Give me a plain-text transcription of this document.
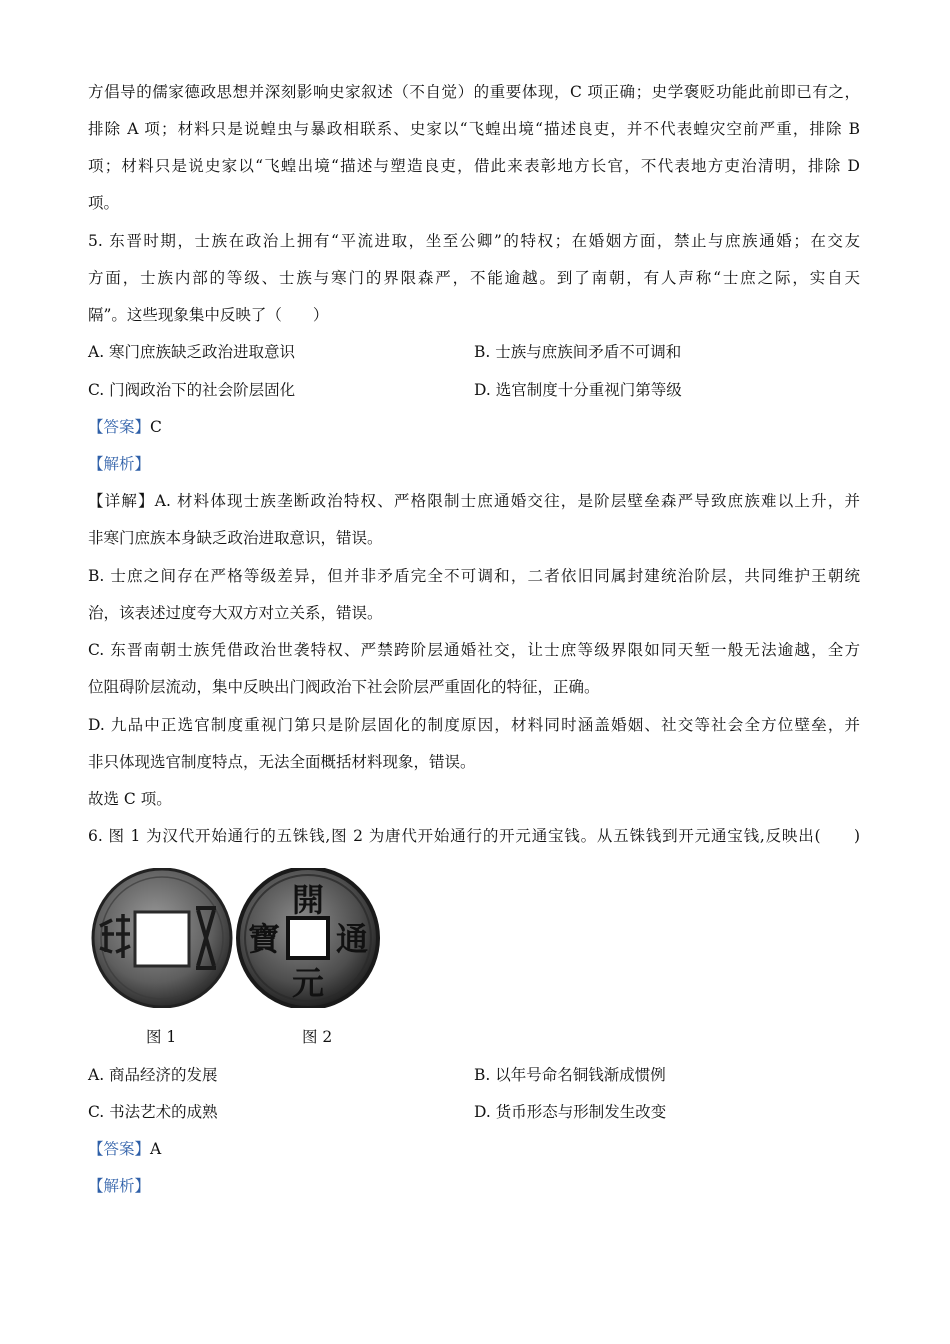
方倡导的儒家德政思想并深刻影响史家叙述（不自觉）的重要体现，C 项正确；史学褒贬功能此前即已有之，
排除 A 项；材料只是说蝗虫与暴政相联系、史家以“飞蝗出境“描述良吏，并不代表蝗灾空前严重，排除 B
项；材料只是说史家以“飞蝗出境“描述与塑造良吏，借此来表彰地方长官，不代表地方吏治清明，排除 D
项。
5. 东晋时期，士族在政治上拥有“平流进取，坐至公卿”的特权；在婚姻方面，禁止与庶族通婚；在交友
方面，士族内部的等级、士族与寒门的界限森严，不能逾越。到了南朝，有人声称“士庶之际，实自天
隔”。这些现象集中反映了（　　）
A. 寒门庶族缺乏政治进取意识	B. 士族与庶族间矛盾不可调和
C. 门阀政治下的社会阶层固化	D. 选官制度十分重视门第等级
【答案】C
【解析】
【详解】A. 材料体现士族垄断政治特权、严格限制士庶通婚交往，是阶层壁垒森严导致庶族难以上升，并
非寒门庶族本身缺乏政治进取意识，错误。
B. 士庶之间存在严格等级差异，但并非矛盾完全不可调和，二者依旧同属封建统治阶层，共同维护王朝统
治，该表述过度夸大双方对立关系，错误。
C. 东晋南朝士族凭借政治世袭特权、严禁跨阶层通婚社交，让士庶等级界限如同天堑一般无法逾越，全方
位阻碍阶层流动，集中反映出门阀政治下社会阶层严重固化的特征，正确。
D. 九品中正选官制度重视门第只是阶层固化的制度原因，材料同时涵盖婚姻、社交等社会全方位壁垒，并
非只体现选官制度特点，无法全面概括材料现象，错误。
故选 C 项。
6. 图 1 为汉代开始通行的五铢钱,图 2 为唐代开始通行的开元通宝钱。从五铢钱到开元通宝钱,反映出(　　)
開
通
元
寶
图 1	图 2
A. 商品经济的发展	B. 以年号命名铜钱渐成惯例
C. 书法艺术的成熟	D. 货币形态与形制发生改变
【答案】A
【解析】
